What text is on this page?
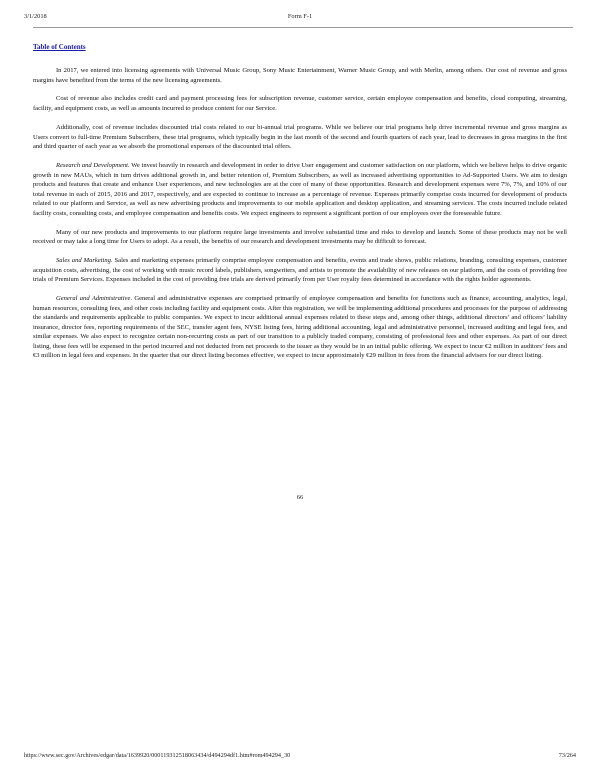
3/1/2018	Form F-1
Table of Contents

In 2017, we entered into licensing agreements with Universal Music Group, Sony Music Entertainment, Warner Music Group, and with Merlin, among others. Our cost of revenue and gross margins have benefited from the terms of the new licensing agreements.

Cost of revenue also includes credit card and payment processing fees for subscription revenue, customer service, certain employee compensation and benefits, cloud computing, streaming, facility, and equipment costs, as well as amounts incurred to produce content for our Service.

Additionally, cost of revenue includes discounted trial costs related to our bi-annual trial programs. While we believe our trial programs help drive incremental revenue and gross margins as Users convert to full-time Premium Subscribers, these trial programs, which typically begin in the last month of the second and fourth quarters of each year, lead to decreases in gross margins in the first and third quarter of each year as we absorb the promotional expenses of the discounted trial offers.

Research and Development. We invest heavily in research and development in order to drive User engagement and customer satisfaction on our platform, which we believe helps to drive organic growth in new MAUs, which in turn drives additional growth in, and better retention of, Premium Subscribers, as well as increased advertising opportunities to Ad-Supported Users. We aim to design products and features that create and enhance User experiences, and new technologies are at the core of many of these opportunities. Research and development expenses were 7%, 7%, and 10% of our total revenue in each of 2015, 2016 and 2017, respectively, and are expected to continue to increase as a percentage of revenue. Expenses primarily comprise costs incurred for development of products related to our platform and Service, as well as new advertising products and improvements to our mobile application and desktop application, and streaming services. The costs incurred include related facility costs, consulting costs, and employee compensation and benefits costs. We expect engineers to represent a significant portion of our employees over the foreseeable future.

Many of our new products and improvements to our platform require large investments and involve substantial time and risks to develop and launch. Some of these products may not be well received or may take a long time for Users to adopt. As a result, the benefits of our research and development investments may be difficult to forecast.

Sales and Marketing. Sales and marketing expenses primarily comprise employee compensation and benefits, events and trade shows, public relations, branding, consulting expenses, customer acquisition costs, advertising, the cost of working with music record labels, publishers, songwriters, and artists to promote the availability of new releases on our platform, and the costs of providing free trials of Premium Services. Expenses included in the cost of providing free trials are derived primarily from per User royalty fees determined in accordance with the rights holder agreements.

General and Administrative. General and administrative expenses are comprised primarily of employee compensation and benefits for functions such as finance, accounting, analytics, legal, human resources, consulting fees, and other costs including facility and equipment costs. After this registration, we will be implementing additional procedures and processes for the purpose of addressing the standards and requirements applicable to public companies. We expect to incur additional annual expenses related to these steps and, among other things, additional directors’ and officers’ liability insurance, director fees, reporting requirements of the SEC, transfer agent fees, NYSE listing fees, hiring additional accounting, legal and administrative personnel, increased auditing and legal fees, and similar expenses. We also expect to recognize certain non-recurring costs as part of our transition to a publicly traded company, consisting of professional fees and other expenses. As part of our direct listing, these fees will be expensed in the period incurred and not deducted from net proceeds to the issuer as they would be in an initial public offering. We expect to incur €2 million in auditors’ fees and €3 million in legal fees and expenses. In the quarter that our direct listing becomes effective, we expect to incur approximately €29 million in fees from the financial advisers for our direct listing.

66
https://www.sec.gov/Archives/edgar/data/1639920/000119312518063434/d494294df1.htm#rom494294_30	73/264
